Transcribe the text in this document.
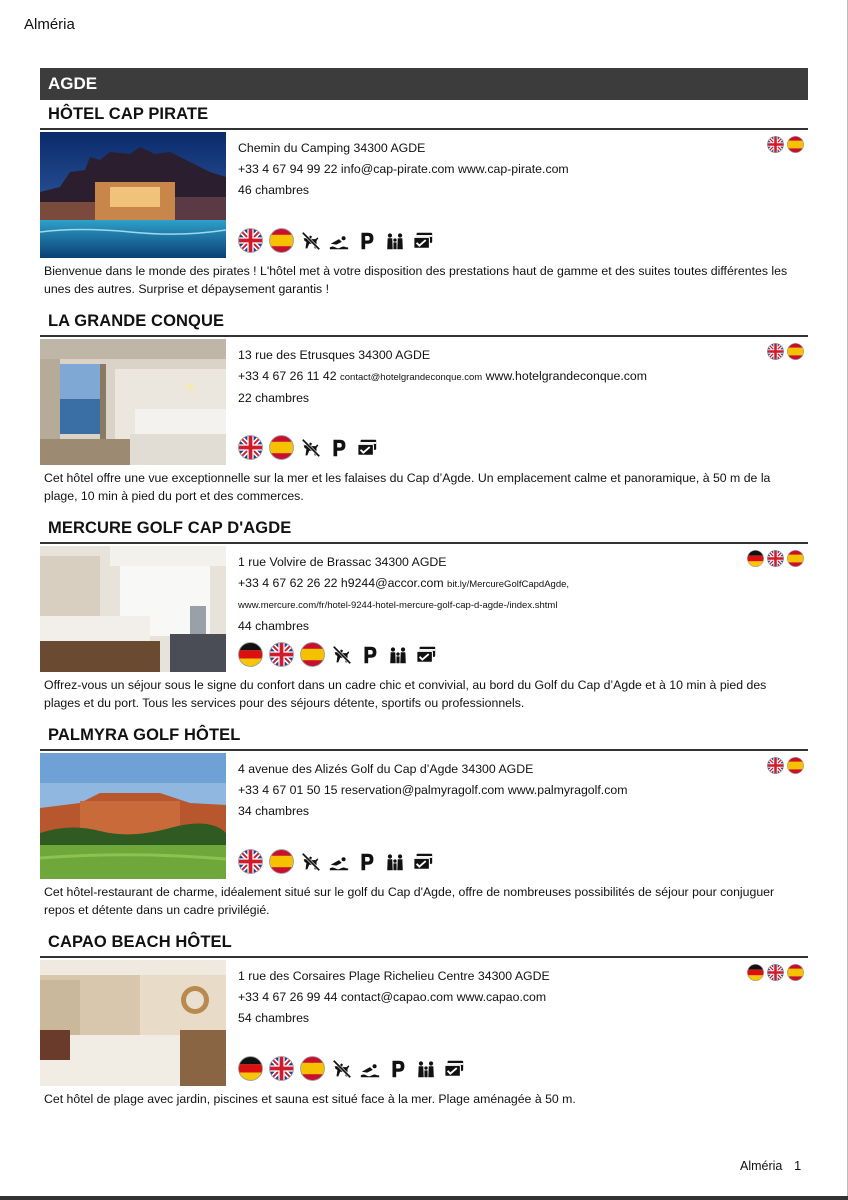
Alméria
AGDE
HÔTEL CAP PIRATE
Chemin du Camping 34300 AGDE
+33 4 67 94 99 22 info@cap-pirate.com www.cap-pirate.com
46 chambres
Bienvenue dans le monde des pirates ! L'hôtel met à votre disposition des prestations haut de gamme et des suites toutes différentes les unes des autres. Surprise et dépaysement garantis !
LA GRANDE CONQUE
13 rue des Etrusques 34300 AGDE
+33 4 67 26 11 42 contact@hotelgrandeconque.com www.hotelgrandeconque.com
22 chambres
Cet hôtel offre une vue exceptionnelle sur la mer et les falaises du Cap d’Agde. Un emplacement calme et panoramique, à 50 m de la plage, 10 min à pied du port et des commerces.
MERCURE GOLF CAP D'AGDE
1 rue Volvire de Brassac 34300 AGDE
+33 4 67 62 26 22 h9244@accor.com bit.ly/MercureGolfCapdAgde,
www.mercure.com/fr/hotel-9244-hotel-mercure-golf-cap-d-agde-/index.shtml
44 chambres
Offrez-vous un séjour sous le signe du confort dans un cadre chic et convivial, au bord du Golf du Cap d’Agde et à 10 min à pied des plages et du port. Tous les services pour des séjours détente, sportifs ou professionnels.
PALMYRA GOLF HÔTEL
4 avenue des Alizés Golf du Cap d’Agde 34300 AGDE
+33 4 67 01 50 15 reservation@palmyragolf.com www.palmyragolf.com
34 chambres
Cet hôtel-restaurant de charme, idéalement situé sur le golf du Cap d'Agde, offre de nombreuses possibilités de séjour pour conjuguer repos et détente dans un cadre privilégié.
CAPAO BEACH HÔTEL
1 rue des Corsaires Plage Richelieu Centre 34300 AGDE
+33 4 67 26 99 44 contact@capao.com www.capao.com
54 chambres
Cet hôtel de plage avec jardin, piscines et sauna est situé face à la mer. Plage aménagée à 50 m.
Alméria 1
